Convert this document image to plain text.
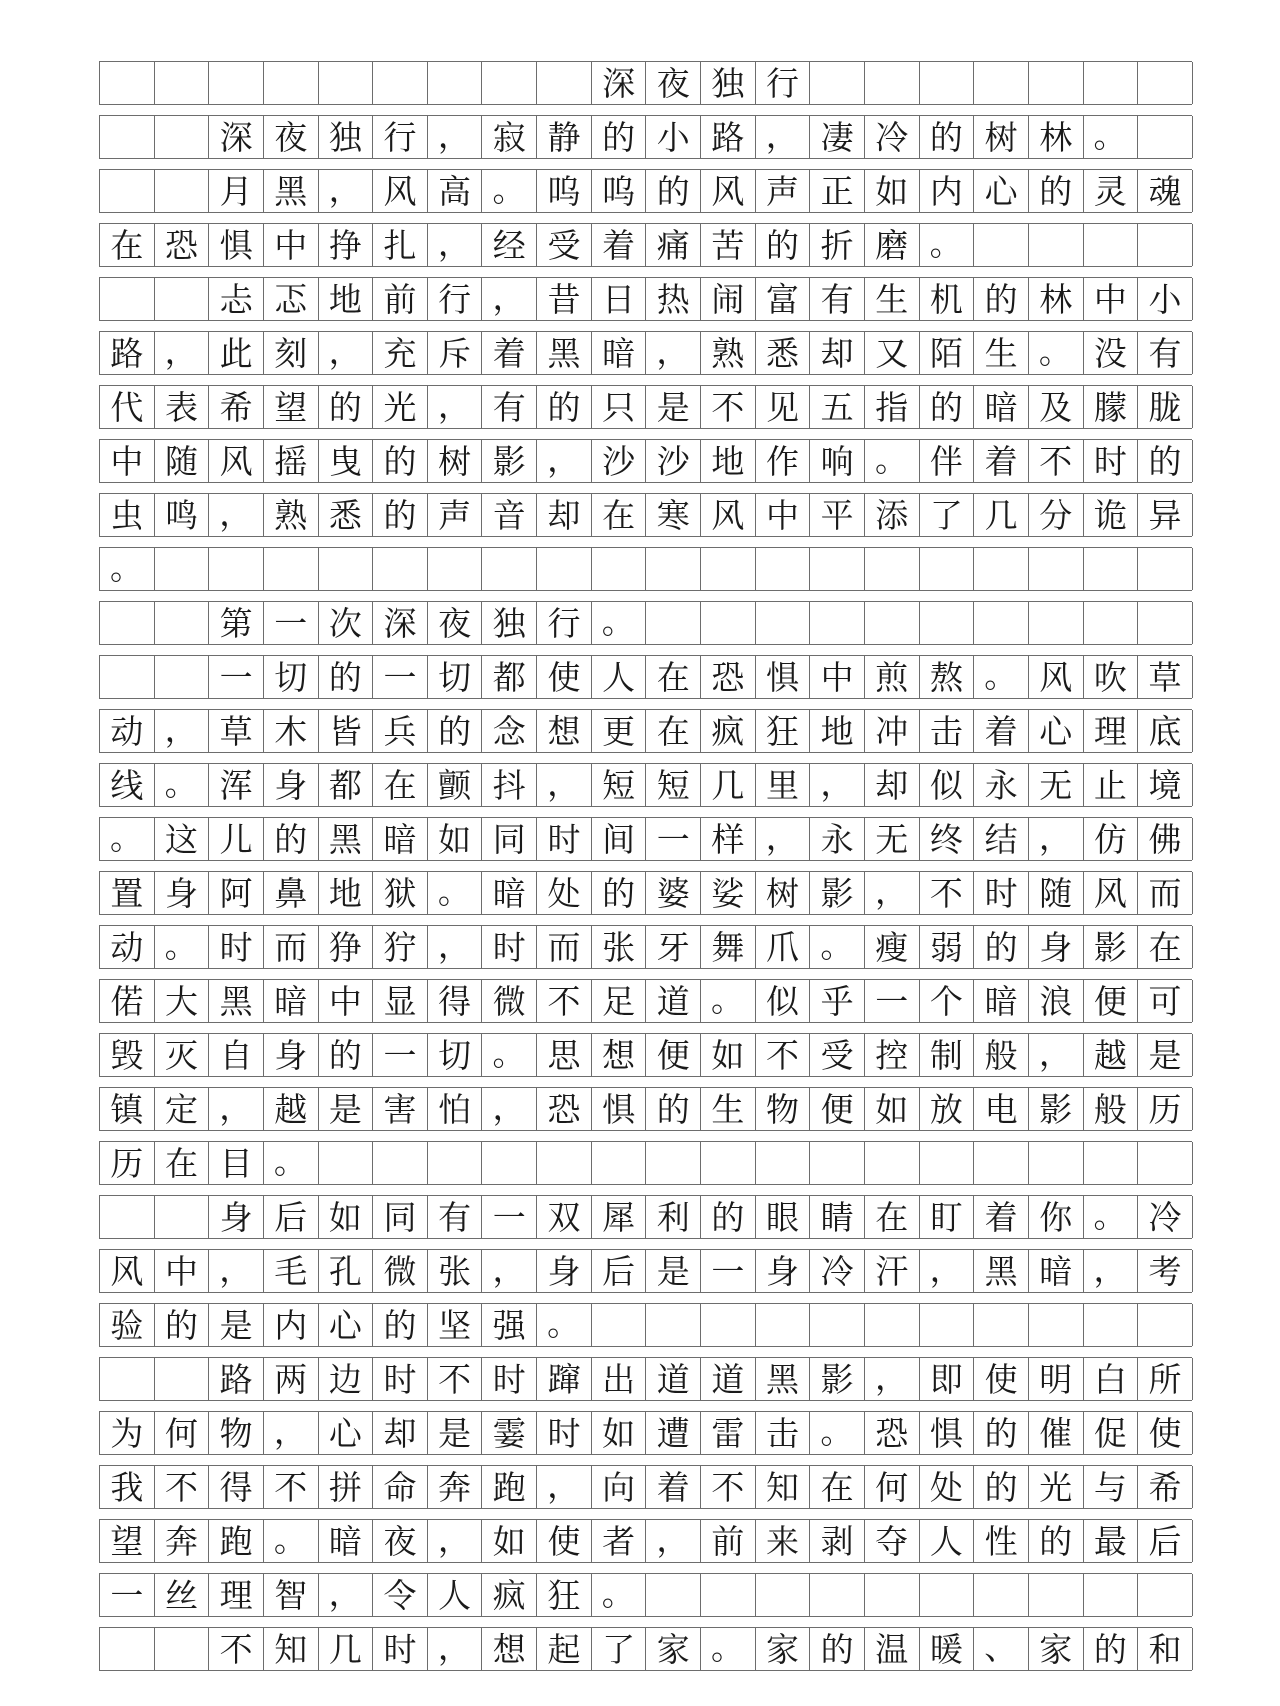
深 夜 独 行
深 夜 独 行 ， 寂 静 的 小 路 ， 凄 冷 的 树 林 。
月 黑 ， 风 高 。 呜 呜 的 风 声 正 如 内 心 的 灵 魂
在 恐 惧 中 挣 扎 ， 经 受 着 痛 苦 的 折 磨 。
忐 忑 地 前 行 ， 昔 日 热 闹 富 有 生 机 的 林 中 小
路 ， 此 刻 ， 充 斥 着 黑 暗 ， 熟 悉 却 又 陌 生 。 没 有
代 表 希 望 的 光 ， 有 的 只 是 不 见 五 指 的 暗 及 朦 胧
中 随 风 摇 曳 的 树 影 ， 沙 沙 地 作 响 。 伴 着 不 时 的
虫 鸣 ， 熟 悉 的 声 音 却 在 寒 风 中 平 添 了 几 分 诡 异
。
第 一 次 深 夜 独 行 。
一 切 的 一 切 都 使 人 在 恐 惧 中 煎 熬 。 风 吹 草
动 ， 草 木 皆 兵 的 念 想 更 在 疯 狂 地 冲 击 着 心 理 底
线 。 浑 身 都 在 颤 抖 ， 短 短 几 里 ， 却 似 永 无 止 境
。 这 儿 的 黑 暗 如 同 时 间 一 样 ， 永 无 终 结 ， 仿 佛
置 身 阿 鼻 地 狱 。 暗 处 的 婆 娑 树 影 ， 不 时 随 风 而
动 。 时 而 狰 狞 ， 时 而 张 牙 舞 爪 。 瘦 弱 的 身 影 在
偌 大 黑 暗 中 显 得 微 不 足 道 。 似 乎 一 个 暗 浪 便 可
毁 灭 自 身 的 一 切 。 思 想 便 如 不 受 控 制 般 ， 越 是
镇 定 ， 越 是 害 怕 ， 恐 惧 的 生 物 便 如 放 电 影 般 历
历 在 目 。
身 后 如 同 有 一 双 犀 利 的 眼 睛 在 盯 着 你 。 冷
风 中 ， 毛 孔 微 张 ， 身 后 是 一 身 冷 汗 ， 黑 暗 ， 考
验 的 是 内 心 的 坚 强 。
路 两 边 时 不 时 蹿 出 道 道 黑 影 ， 即 使 明 白 所
为 何 物 ， 心 却 是 霎 时 如 遭 雷 击 。 恐 惧 的 催 促 使
我 不 得 不 拼 命 奔 跑 ， 向 着 不 知 在 何 处 的 光 与 希
望 奔 跑 。 暗 夜 ， 如 使 者 ， 前 来 剥 夺 人 性 的 最 后
一 丝 理 智 ， 令 人 疯 狂 。
不 知 几 时 ， 想 起 了 家 。 家 的 温 暖 、 家 的 和
